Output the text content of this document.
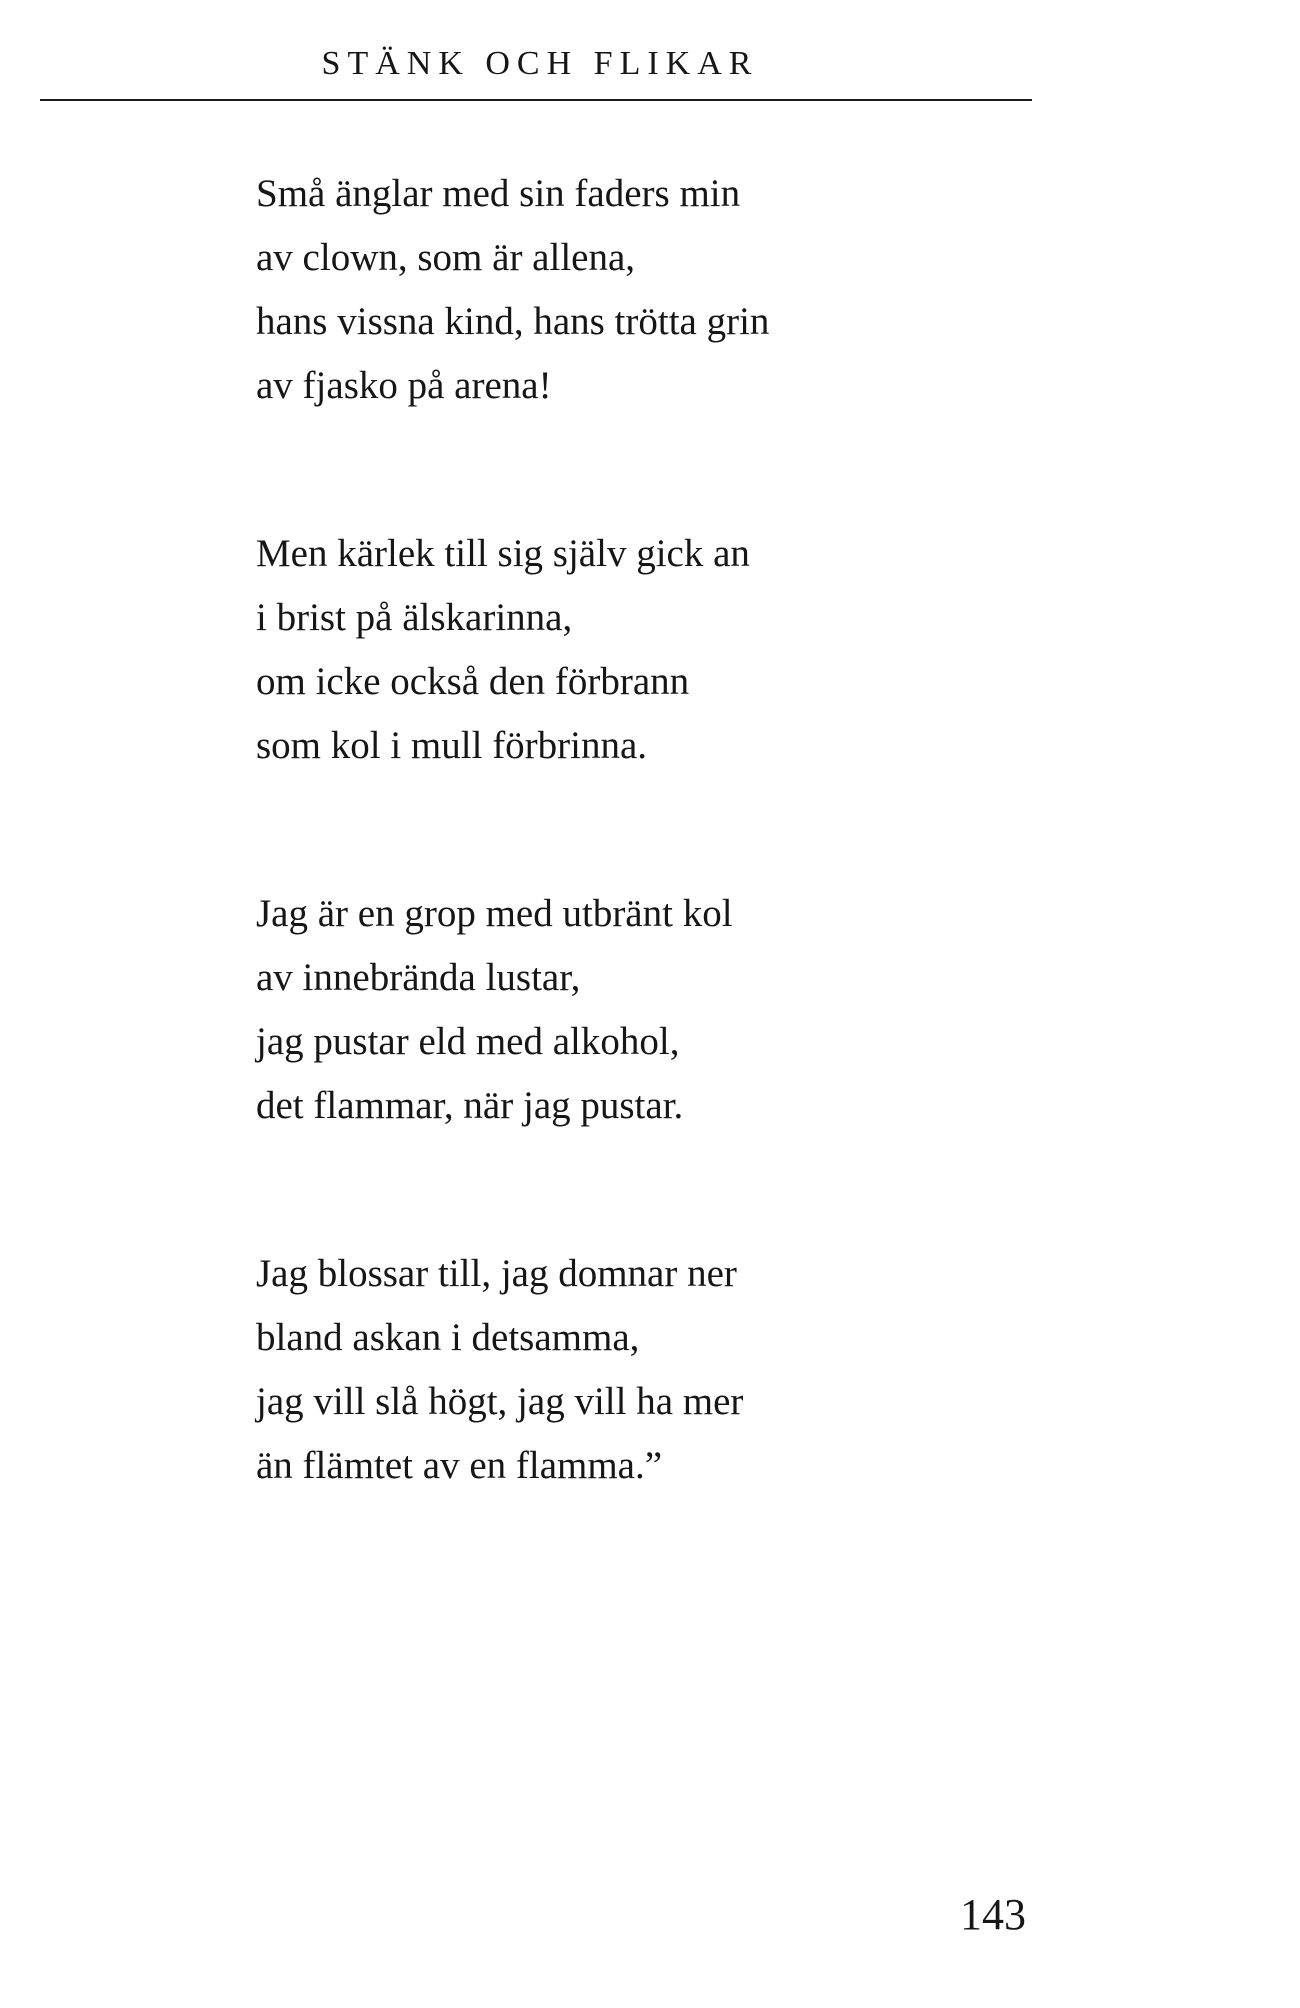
STÄNK OCH FLIKAR
Små änglar med sin faders min
av clown, som är allena,
hans vissna kind, hans trötta grin
av fjasko på arena!
Men kärlek till sig själv gick an
i brist på älskarinna,
om icke också den förbrann
som kol i mull förbrinna.
Jag är en grop med utbränt kol
av innebrända lustar,
jag pustar eld med alkohol,
det flammar, när jag pustar.
Jag blossar till, jag domnar ner
bland askan i detsamma,
jag vill slå högt, jag vill ha mer
än flämtet av en flamma.”
143
